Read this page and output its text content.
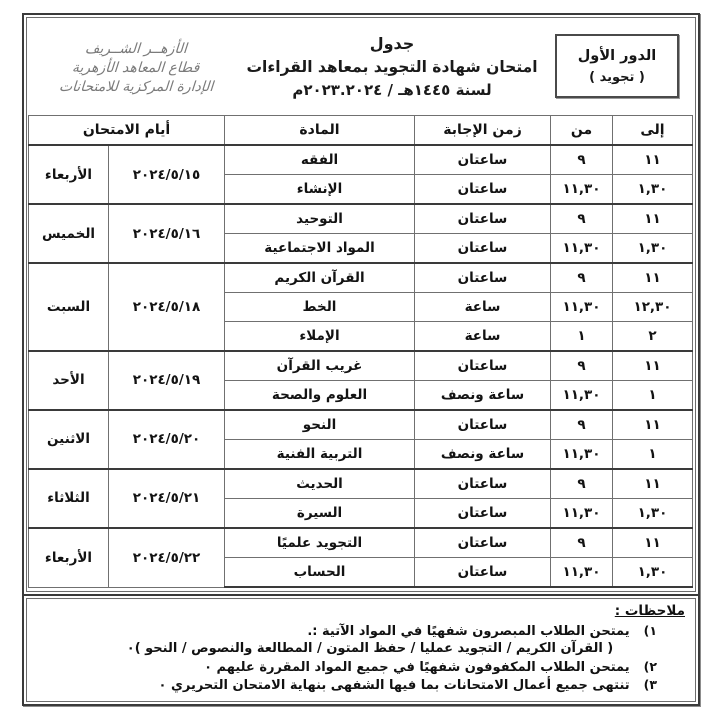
الأزهــر الشــريف
قطاع المعاهد الأزهرية
الإدارة المركزية للامتحانات
جدول
امتحان شهادة التجويد بمعاهد القراءات
لسنة ١٤٤٥هـ / ٢٠٢٣.٢٠٢٤م
الدور الأول
( تجويد )
إلى	من	زمن الإجابة	المادة	أيام الامتحان	
١١	٩	ساعتان	الفقه	٢٠٢٤/٥/١٥	الأربعاء
١,٣٠	١١,٣٠	ساعتان	الإنشاء		
١١	٩	ساعتان	التوحيد	٢٠٢٤/٥/١٦	الخميس
١,٣٠	١١,٣٠	ساعتان	المواد الاجتماعية		
١١	٩	ساعتان	القرآن الكريم	٢٠٢٤/٥/١٨	السبت
١٢,٣٠	١١,٣٠	ساعة	الخط		
٢	١	ساعة	الإملاء		
١١	٩	ساعتان	غريب القرآن	٢٠٢٤/٥/١٩	الأحد
١	١١,٣٠	ساعة ونصف	العلوم والصحة		
١١	٩	ساعتان	النحو	٢٠٢٤/٥/٢٠	الاثنين
١	١١,٣٠	ساعة ونصف	التربية الفنية		
١١	٩	ساعتان	الحديث	٢٠٢٤/٥/٢١	الثلاثاء
١,٣٠	١١,٣٠	ساعتان	السيرة		
١١	٩	ساعتان	التجويد علميًا	٢٠٢٤/٥/٢٢	الأربعاء
١,٣٠	١١,٣٠	ساعتان	الحساب		
ملاحظات :
١)
يمتحن الطلاب المبصرون شفهيًا في المواد الآتية :.
( القرآن الكريم / التجويد عمليا / حفظ المتون / المطالعة والنصوص / النحو )٠
٢)
يمتحن الطلاب المكفوفون شفهيًا في جميع المواد المقررة عليهم ٠
٣)
تنتهى جميع أعمال الامتحانات بما فيها الشفهى بنهاية الامتحان التحريري ٠
